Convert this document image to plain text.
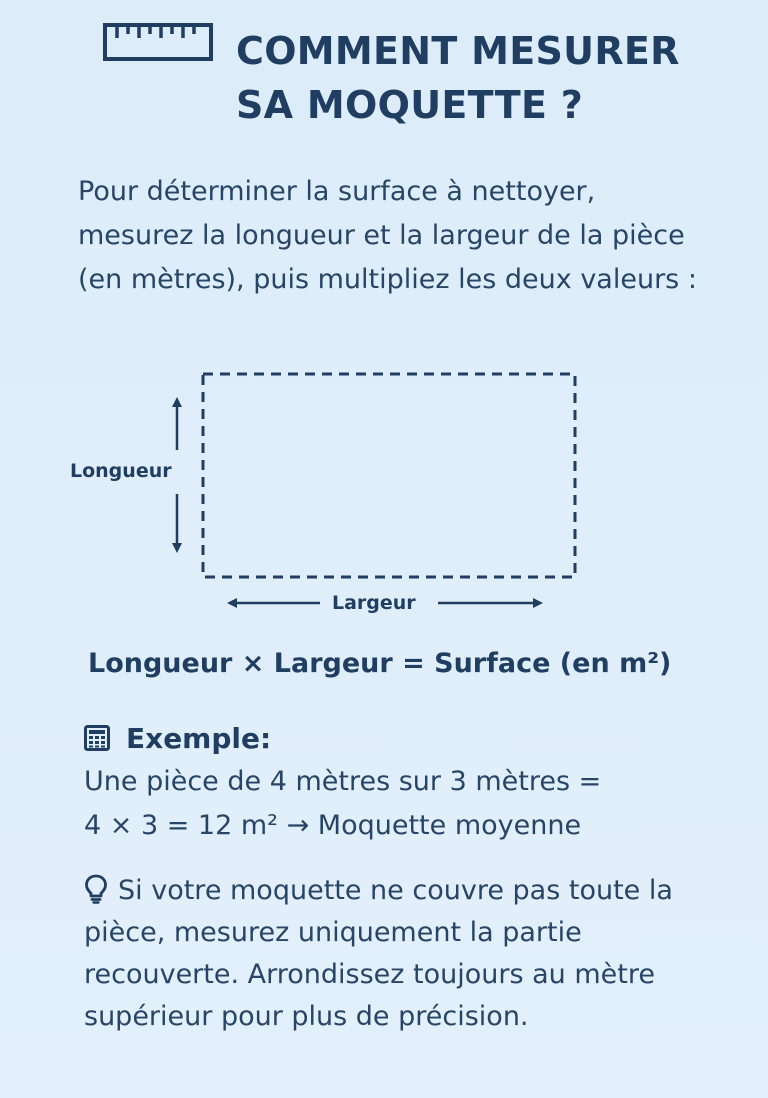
COMMENT MESURER
SA MOQUETTE ?

Pour déterminer la surface à nettoyer, mesurez la longueur et la largeur de la pièce (en mètres), puis multipliez les deux valeurs :

Longueur
Largeur

Longueur × Largeur = Surface (en m²)

Exemple:
Une pièce de 4 mètres sur 3 mètres =
4 × 3 = 12 m² → Moquette moyenne
Si votre moquette ne couvre pas toute la pièce, mesurez uniquement la partie recouverte. Arrondissez toujours au mètre supérieur pour plus de précision.
